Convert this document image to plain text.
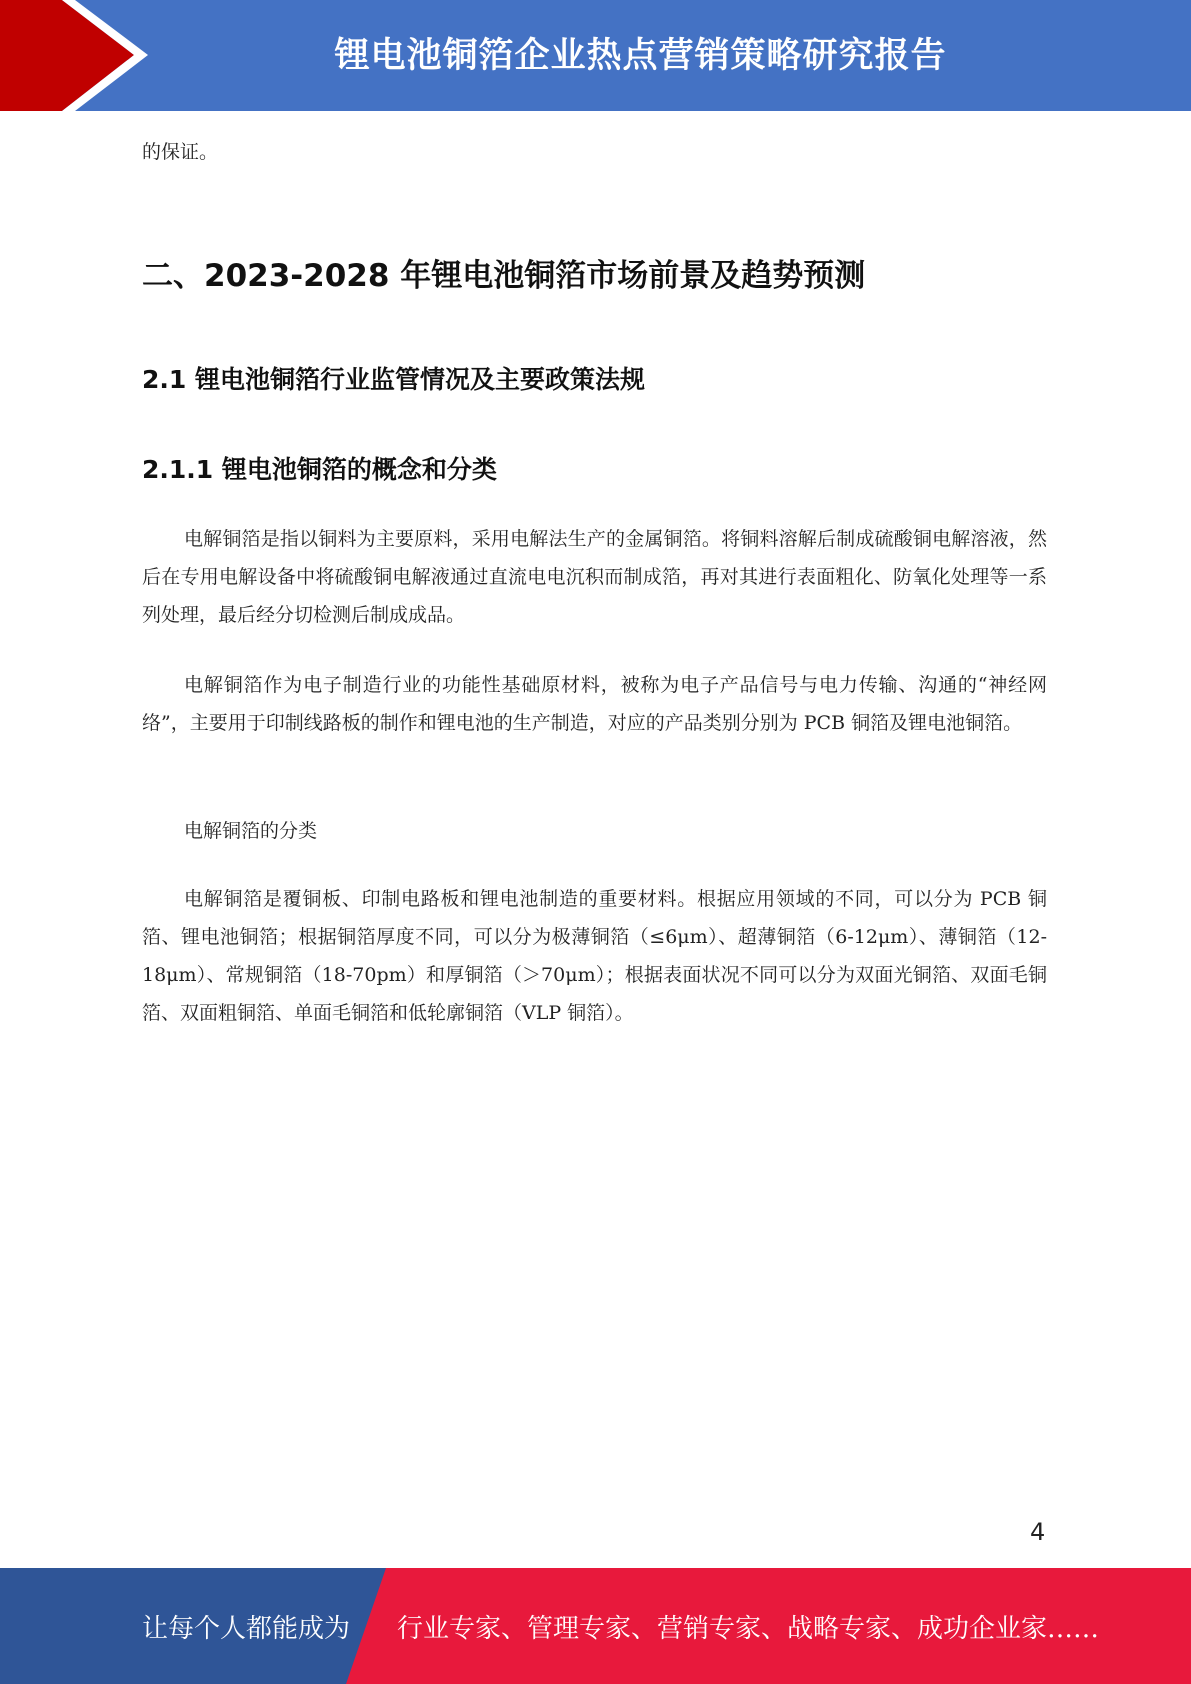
锂电池铜箔企业热点营销策略研究报告

的保证。

二、2023-2028 年锂电池铜箔市场前景及趋势预测
2.1 锂电池铜箔行业监管情况及主要政策法规
2.1.1 锂电池铜箔的概念和分类

电解铜箔是指以铜料为主要原料，采用电解法生产的金属铜箔。将铜料溶解后制成硫酸铜电解溶液，然后在专用电解设备中将硫酸铜电解液通过直流电电沉积而制成箔，再对其进行表面粗化、防氧化处理等一系列处理，最后经分切检测后制成成品。

电解铜箔作为电子制造行业的功能性基础原材料，被称为电子产品信号与电力传输、沟通的“神经网络”，主要用于印制线路板的制作和锂电池的生产制造，对应的产品类别分别为 PCB 铜箔及锂电池铜箔。

电解铜箔的分类

电解铜箔是覆铜板、印制电路板和锂电池制造的重要材料。根据应用领域的不同，可以分为 PCB 铜箔、锂电池铜箔；根据铜箔厚度不同，可以分为极薄铜箔（≤6μm）、超薄铜箔（6-12μm）、薄铜箔（12-18μm）、常规铜箔（18-70pm）和厚铜箔（＞70μm）；根据表面状况不同可以分为双面光铜箔、双面毛铜箔、双面粗铜箔、单面毛铜箔和低轮廓铜箔（VLP 铜箔）。

4
让每个人都能成为 行业专家、管理专家、营销专家、战略专家、成功企业家……
